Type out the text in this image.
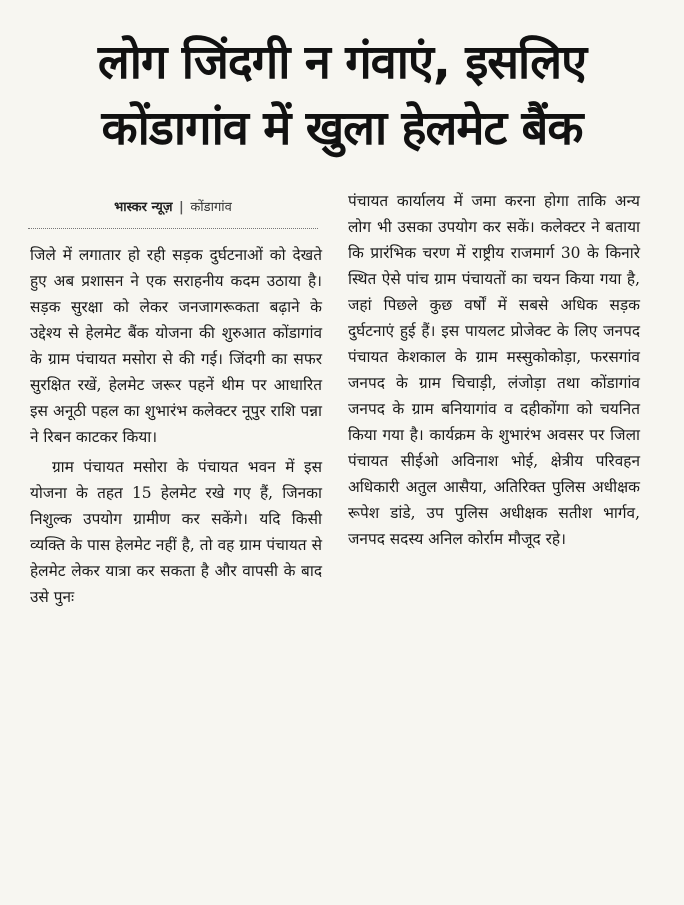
लोग जिंदगी न गंवाएं, इसलिए
कोंडागांव में खुला हेलमेट बैंक
भास्कर न्यूज़ | कोंडागांव

जिले में लगातार हो रही सड़क दुर्घटनाओं को देखते हुए अब प्रशासन ने एक सराहनीय कदम उठाया है। सड़क सुरक्षा को लेकर जनजागरूकता बढ़ाने के उद्देश्य से हेलमेट बैंक योजना की शुरुआत कोंडागांव के ग्राम पंचायत मसोरा से की गई। जिंदगी का सफर सुरक्षित रखें, हेलमेट जरूर पहनें थीम पर आधारित इस अनूठी पहल का शुभारंभ कलेक्टर नूपुर राशि पन्ना ने रिबन काटकर किया।

ग्राम पंचायत मसोरा के पंचायत भवन में इस योजना के तहत 15 हेलमेट रखे गए हैं, जिनका निशुल्क उपयोग ग्रामीण कर सकेंगे। यदि किसी व्यक्ति के पास हेलमेट नहीं है, तो वह ग्राम पंचायत से हेलमेट लेकर यात्रा कर सकता है और वापसी के बाद उसे पुनः

पंचायत कार्यालय में जमा करना होगा ताकि अन्य लोग भी उसका उपयोग कर सकें। कलेक्टर ने बताया कि प्रारंभिक चरण में राष्ट्रीय राजमार्ग 30 के किनारे स्थित ऐसे पांच ग्राम पंचायतों का चयन किया गया है, जहां पिछले कुछ वर्षों में सबसे अधिक सड़क दुर्घटनाएं हुई हैं। इस पायलट प्रोजेक्ट के लिए जनपद पंचायत केशकाल के ग्राम मस्सुकोकोड़ा, फरसगांव जनपद के ग्राम चिचाड़ी, लंजोड़ा तथा कोंडागांव जनपद के ग्राम बनियागांव व दहीकोंगा को चयनित किया गया है। कार्यक्रम के शुभारंभ अवसर पर जिला पंचायत सीईओ अविनाश भोई, क्षेत्रीय परिवहन अधिकारी अतुल आसैया, अतिरिक्त पुलिस अधीक्षक रूपेश डांडे, उप पुलिस अधीक्षक सतीश भार्गव, जनपद सदस्य अनिल कोर्राम मौजूद रहे।
